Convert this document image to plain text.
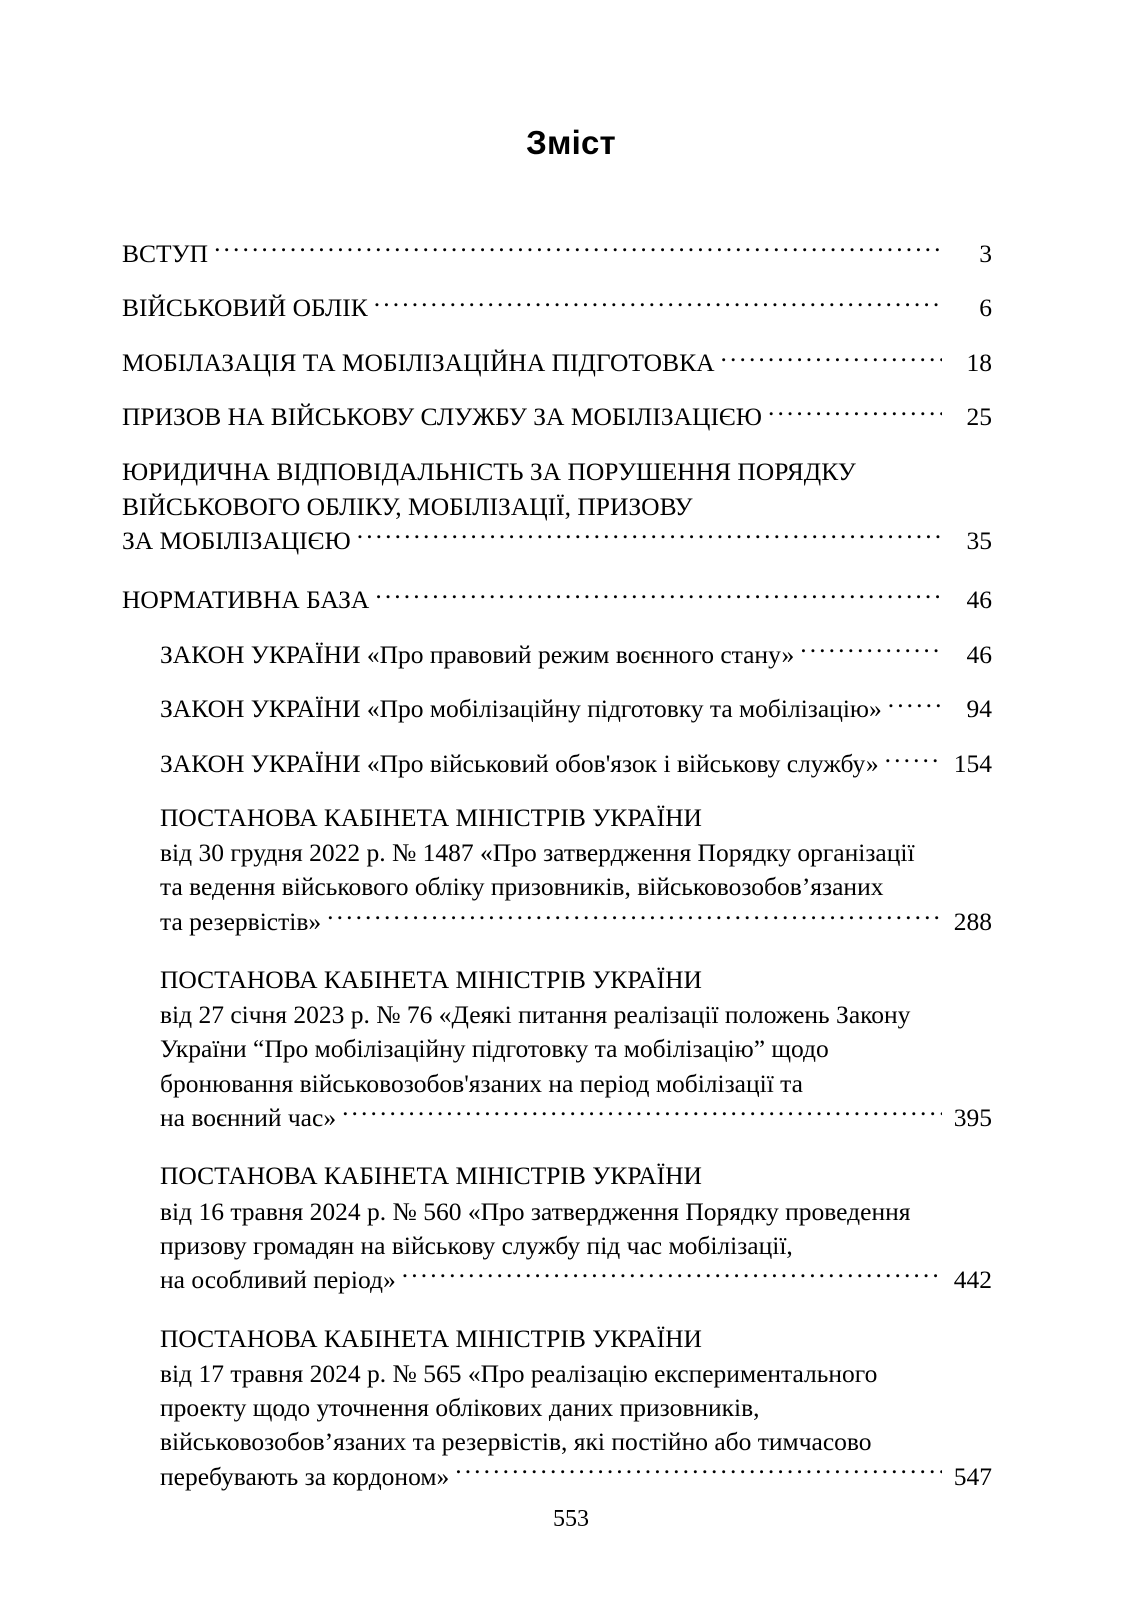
Зміст
ВСТУП .....	3
ВІЙСЬКОВИЙ ОБЛІК .....	6
МОБІЛАЗАЦІЯ ТА МОБІЛІЗАЦІЙНА ПІДГОТОВКА .....	18
ПРИЗОВ НА ВІЙСЬКОВУ СЛУЖБУ ЗА МОБІЛІЗАЦІЄЮ .....	25
ЮРИДИЧНА ВІДПОВІДАЛЬНІСТЬ ЗА ПОРУШЕННЯ ПОРЯДКУ
ВІЙСЬКОВОГО ОБЛІКУ, МОБІЛІЗАЦІЇ, ПРИЗОВУ
ЗА МОБІЛІЗАЦІЄЮ .....	35
НОРМАТИВНА БАЗА .....	46
ЗАКОН УКРАЇНИ «Про правовий режим воєнного стану» .....	46
ЗАКОН УКРАЇНИ «Про мобілізаційну підготовку та мобілізацію» .....	94
ЗАКОН УКРАЇНИ «Про військовий обов'язок і військову службу» .....	154
ПОСТАНОВА КАБІНЕТА МІНІСТРІВ УКРАЇНИ
від 30 грудня 2022 р. № 1487 «Про затвердження Порядку організації
та ведення військового обліку призовників, військовозобов’язаних
та резервістів» .....	288
ПОСТАНОВА КАБІНЕТА МІНІСТРІВ УКРАЇНИ
від 27 січня 2023 р. № 76 «Деякі питання реалізації положень Закону
України “Про мобілізаційну підготовку та мобілізацію” щодо
бронювання військовозобов'язаних на період мобілізації та
на воєнний час» .....	395
ПОСТАНОВА КАБІНЕТА МІНІСТРІВ УКРАЇНИ
від 16 травня 2024 р. № 560 «Про затвердження Порядку проведення
призову громадян на військову службу під час мобілізації,
на особливий період» .....	442
ПОСТАНОВА КАБІНЕТА МІНІСТРІВ УКРАЇНИ
від 17 травня 2024 р. № 565 «Про реалізацію експериментального
проекту щодо уточнення облікових даних призовників,
військовозобов’язаних та резервістів, які постійно або тимчасово
перебувають за кордоном» .....	547
553
